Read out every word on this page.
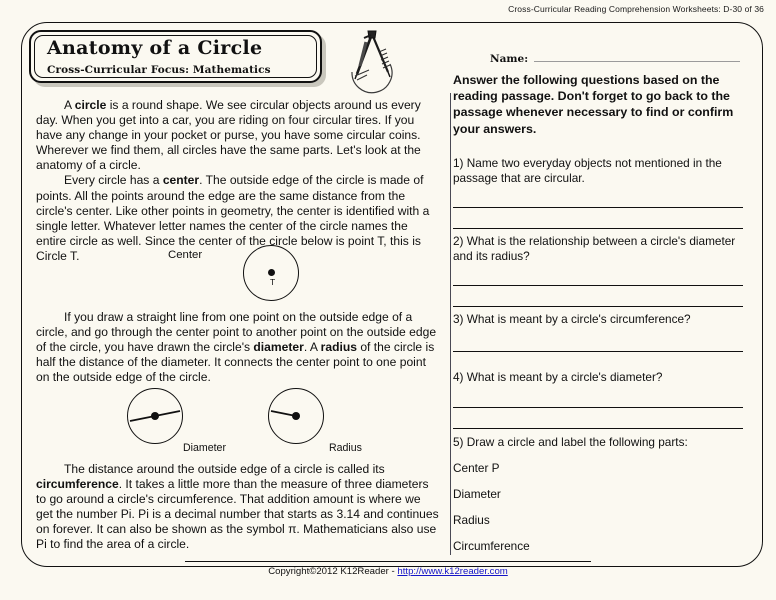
Cross-Curricular Reading Comprehension Worksheets: D-30 of 36
Anatomy of a Circle
Cross-Curricular Focus: Mathematics

A circle is a round shape. We see circular objects around us every day. When you get into a car, you are riding on four circular tires. If you have any change in your pocket or purse, you have some circular coins. Wherever we find them, all circles have the same parts. Let's look at the anatomy of a circle.

Every circle has a center. The outside edge of the circle is made of points. All the points around the edge are the same distance from the circle's center. Like other points in geometry, the center is identified with a single letter. Whatever letter names the center of the circle names the entire circle as well. Since the center of the circle below is point T, this is Circle T.	Center
T

If you draw a straight line from one point on the outside edge of a circle, and go through the center point to another point on the outside edge of the circle, you have drawn the circle's diameter. A radius of the circle is half the distance of the diameter. It connects the center point to one point on the outside edge of the circle.

Diameter	Radius

The distance around the outside edge of a circle is called its circumference. It takes a little more than the measure of three diameters to go around a circle's circumference. That addition amount is where we get the number Pi. Pi is a decimal number that starts as 3.14 and continues on forever. It can also be shown as the symbol π. Mathematicians also use Pi to find the area of a circle.

Name:
Answer the following questions based on the reading passage. Don't forget to go back to the passage whenever necessary to find or confirm your answers.
1) Name two everyday objects not mentioned in the passage that are circular.
2) What is the relationship between a circle's diameter and its radius?
3) What is meant by a circle's circumference?
4) What is meant by a circle's diameter?
5) Draw a circle and label the following parts:
Center P
Diameter
Radius
Circumference
Copyright©2012 K12Reader - http://www.k12reader.com
